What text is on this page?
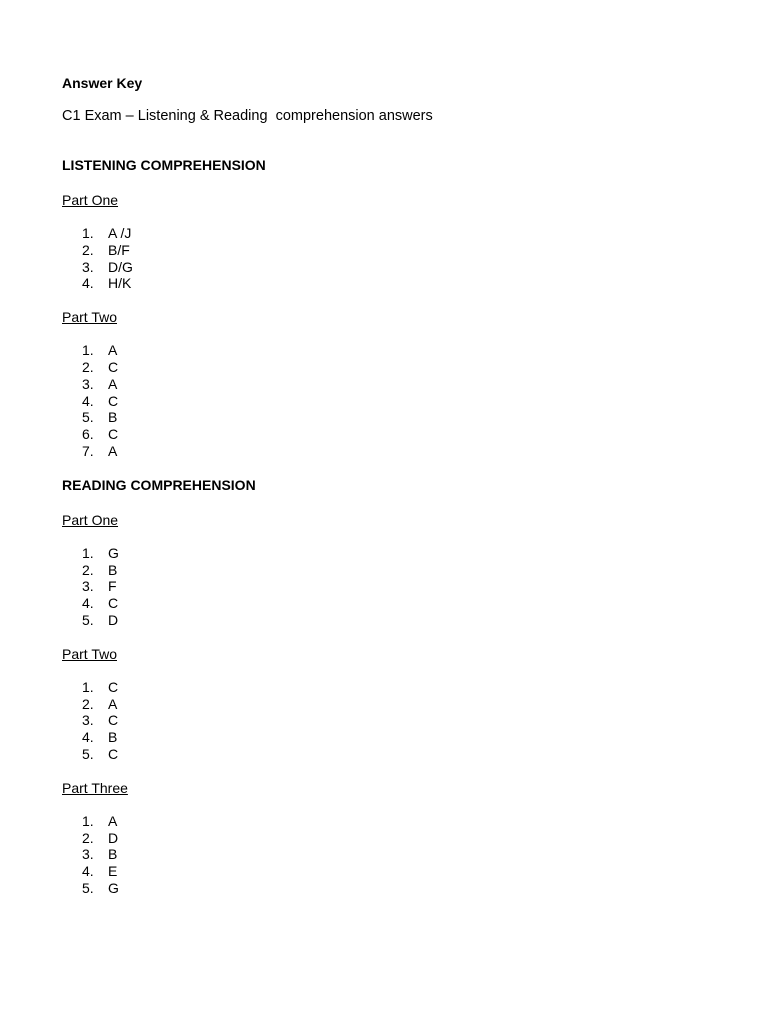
Answer Key

C1 Exam – Listening & Reading  comprehension answers

LISTENING COMPREHENSION

Part One

1.	A /J
2.	B/F
3.	D/G
4.	H/K

Part Two

1.	A
2.	C
3.	A
4.	C
5.	B
6.	C
7.	A

READING COMPREHENSION

Part One

1.	G
2.	B
3.	F
4.	C
5.	D

Part Two

1.	C
2.	A
3.	C
4.	B
5.	C

Part Three

1.	A
2.	D
3.	B
4.	E
5.	G
